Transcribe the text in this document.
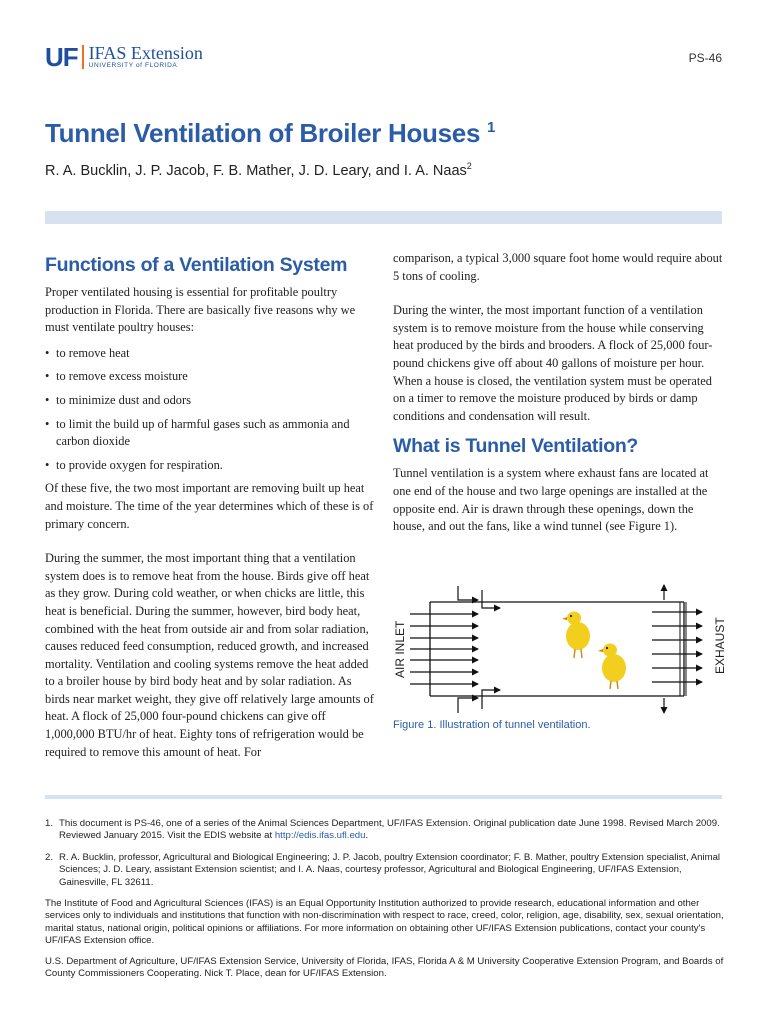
UF IFAS Extension
UNIVERSITY of FLORIDA
PS-46
Tunnel Ventilation of Broiler Houses $^1$
R. A. Bucklin, J. P. Jacob, F. B. Mather, J. D. Leary, and I. A. Naas$^2$
Functions of a Ventilation System

Proper ventilated housing is essential for profitable poultry production in Florida. There are basically five reasons why we must ventilate poultry houses:

• to remove heat
• to remove excess moisture
• to minimize dust and odors
• to limit the build up of harmful gases such as ammonia and carbon dioxide
• to provide oxygen for respiration.

Of these five, the two most important are removing built up heat and moisture. The time of the year determines which of these is of primary concern.

During the summer, the most important thing that a ventilation system does is to remove heat from the house. Birds give off heat as they grow. During cold weather, or when chicks are little, this heat is beneficial. During the summer, however, bird body heat, combined with the heat from outside air and from solar radiation, causes reduced feed consumption, reduced growth, and increased mortality. Ventilation and cooling systems remove the heat added to a broiler house by bird body heat and by solar radiation. As birds near market weight, they give off relatively large amounts of heat. A flock of 25,000 four-pound chickens can give off 1,000,000 BTU/hr of heat. Eighty tons of refrigeration would be required to remove this amount of heat. For

comparison, a typical 3,000 square foot home would require about 5 tons of cooling.

During the winter, the most important function of a ventilation system is to remove moisture from the house while conserving heat produced by the birds and brooders. A flock of 25,000 four-pound chickens give off about 40 gallons of moisture per hour. When a house is closed, the ventilation system must be operated on a timer to remove the moisture produced by birds or damp conditions and condensation will result.

What is Tunnel Ventilation?

Tunnel ventilation is a system where exhaust fans are located at one end of the house and two large openings are installed at the opposite end. Air is drawn through these openings, down the house, and out the fans, like a wind tunnel (see Figure 1).

AIR INLET	EXHAUST
Figure 1. Illustration of tunnel ventilation.
1. This document is PS-46, one of a series of the Animal Sciences Department, UF/IFAS Extension. Original publication date June 1998. Revised March 2009. Reviewed January 2015. Visit the EDIS website at http://edis.ifas.ufl.edu.
2. R. A. Bucklin, professor, Agricultural and Biological Engineering; J. P. Jacob, poultry Extension coordinator; F. B. Mather, poultry Extension specialist, Animal Sciences; J. D. Leary, assistant Extension scientist; and I. A. Naas, courtesy professor, Agricultural and Biological Engineering, UF/IFAS Extension, Gainesville, FL 32611.

The Institute of Food and Agricultural Sciences (IFAS) is an Equal Opportunity Institution authorized to provide research, educational information and other services only to individuals and institutions that function with non-discrimination with respect to race, creed, color, religion, age, disability, sex, sexual orientation, marital status, national origin, political opinions or affiliations. For more information on obtaining other UF/IFAS Extension publications, contact your county's UF/IFAS Extension office.

U.S. Department of Agriculture, UF/IFAS Extension Service, University of Florida, IFAS, Florida A & M University Cooperative Extension Program, and Boards of County Commissioners Cooperating. Nick T. Place, dean for UF/IFAS Extension.
